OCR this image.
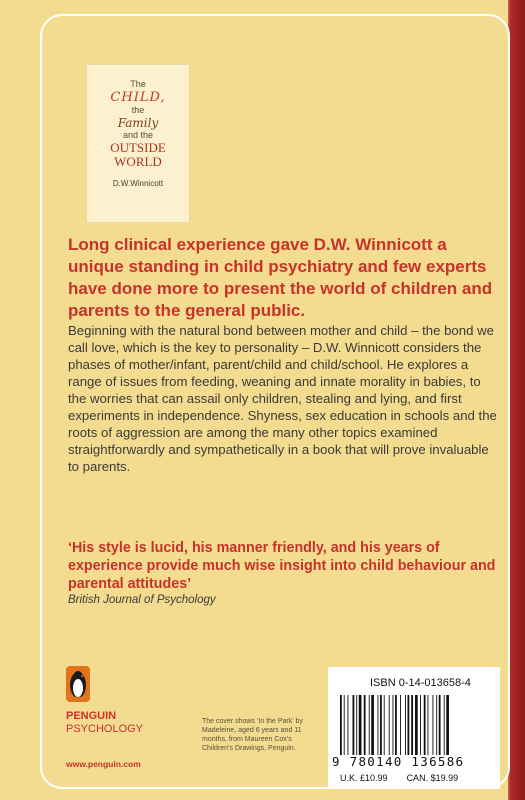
The
CHILD,
the
Family
and the
OUTSIDE
WORLD
D.W.Winnicott
Long clinical experience gave D.W. Winnicott a unique standing in child psychiatry and few experts have done more to present the world of children and parents to the general public.
Beginning with the natural bond between mother and child – the bond we call love, which is the key to personality – D.W. Winnicott considers the phases of mother/infant, parent/child and child/school. He explores a range of issues from feeding, weaning and innate morality in babies, to the worries that can assail only children, stealing and lying, and first experiments in independence. Shyness, sex education in schools and the roots of aggression are among the many other topics examined straightforwardly and sympathetically in a book that will prove invaluable to parents.
‘His style is lucid, his manner friendly, and his years of experience provide much wise insight into child behaviour and parental attitudes’
British Journal of Psychology
PENGUIN
PSYCHOLOGY
The cover shows ‘In the Park’ by Madeleine, aged 6 years and 11 months, from Maureen Cox’s Children’s Drawings, Penguin.
www.penguin.com
ISBN 0-14-013658-4
9 780140 136586
U.K. £10.99 CAN. $19.99
